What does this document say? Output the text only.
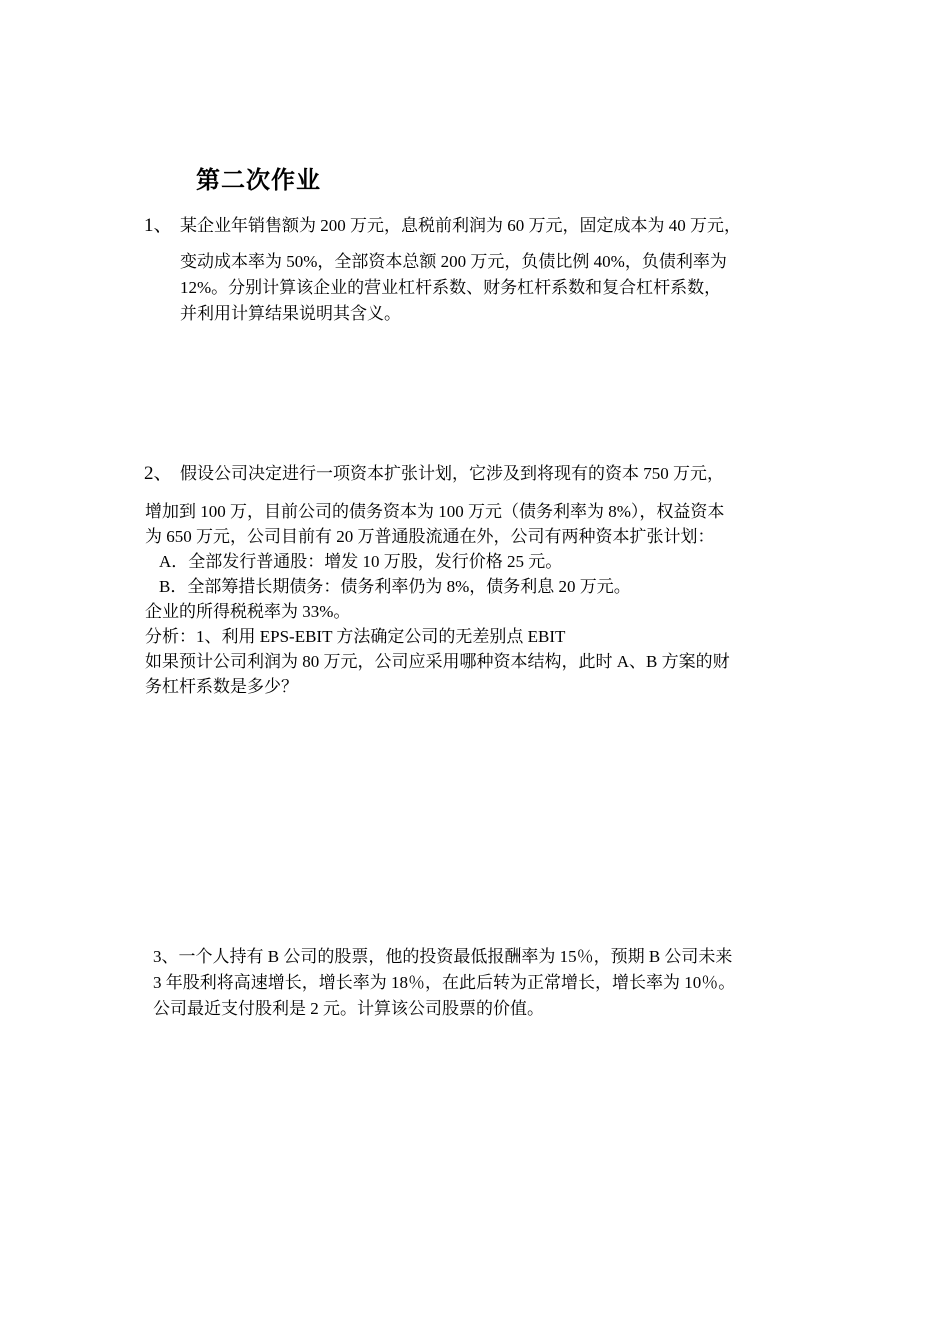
第二次作业
1、 某企业年销售额为 200 万元，息税前利润为 60 万元，固定成本为 40 万元，
变动成本率为 50%，全部资本总额 200 万元，负债比例 40%，负债利率为
12%。分别计算该企业的营业杠杆系数、财务杠杆系数和复合杠杆系数，
并利用计算结果说明其含义。
2、 假设公司决定进行一项资本扩张计划，它涉及到将现有的资本 750 万元，
增加到 100 万，目前公司的债务资本为 100 万元（债务利率为 8%），权益资本
为 650 万元，公司目前有 20 万普通股流通在外，公司有两种资本扩张计划：
A．全部发行普通股：增发 10 万股，发行价格 25 元。
B．全部筹措长期债务：债务利率仍为 8%，债务利息 20 万元。
企业的所得税税率为 33%。
分析：1、利用 EPS-EBIT 方法确定公司的无差别点 EBIT
如果预计公司利润为 80 万元，公司应采用哪种资本结构，此时 A、B 方案的财
务杠杆系数是多少？
3、一个人持有 B 公司的股票，他的投资最低报酬率为 15％，预期 B 公司未来
3 年股利将高速增长，增长率为 18％，在此后转为正常增长，增长率为 10％。
公司最近支付股利是 2 元。计算该公司股票的价值。
